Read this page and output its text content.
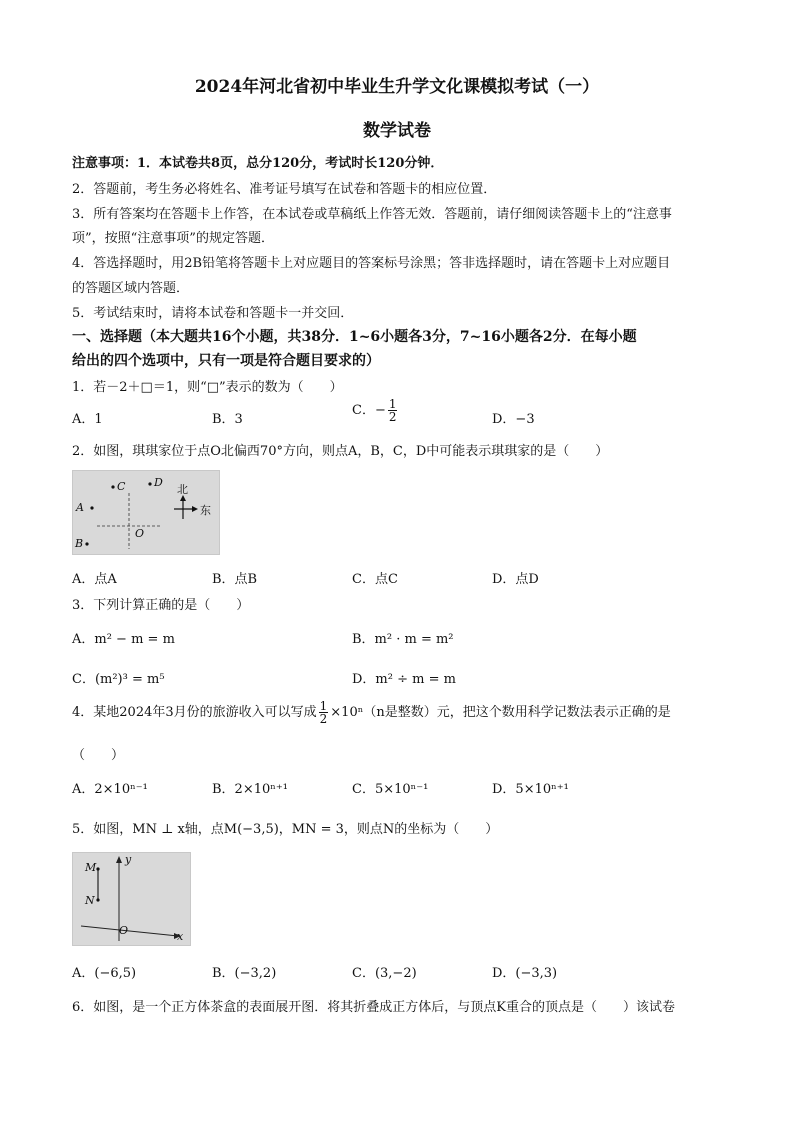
2024年河北省初中毕业生升学文化课模拟考试（一）
数学试卷
注意事项：1．本试卷共8页，总分120分，考试时长120分钟．
2．答题前，考生务必将姓名、准考证号填写在试卷和答题卡的相应位置．
3．所有答案均在答题卡上作答，在本试卷或草稿纸上作答无效．答题前，请仔细阅读答题卡上的“注意事
项”，按照“注意事项”的规定答题．
4．答选择题时，用2B铅笔将答题卡上对应题目的答案标号涂黑；答非选择题时，请在答题卡上对应题目
的答题区域内答题．
5．考试结束时，请将本试卷和答题卡一并交回．
一、选择题（本大题共16个小题，共38分．1~6小题各3分，7~16小题各2分．在每小题
给出的四个选项中，只有一项是符合题目要求的）
1．若－2＋□＝1，则“□”表示的数为（　　）
A．1	B．3
C．− $\frac{1}{2}$	D．−3
2．如图，琪琪家位于点O北偏西70°方向，则点A，B，C，D中可能表示琪琪家的是（　　）
C	D
A
B
O
北
东
A．点A	B．点B	C．点C	D．点D
3．下列计算正确的是（　　）
A．m² − m = m	B．m² · m = m²
C．(m²)³ = m⁵	D．m² ÷ m = m
4．某地2024年3月份的旅游收入可以写成 $\frac{1}{2} \times 10^n(n$是整数）元，把这个数用科学记数法表示正确的是
（　　）
A．2×10ⁿ⁻¹	B．2×10ⁿ⁺¹	C．5×10ⁿ⁻¹	D．5×10ⁿ⁺¹
5．如图，MN ⊥ x轴，点M(−3,5)，MN = 3，则点N的坐标为（　　）
M
N
y
O	x
A．(−6,5)	B．(−3,2)	C．(3,−2)	D．(−3,3)
6．如图，是一个正方体茶盒的表面展开图．将其折叠成正方体后，与顶点K重合的顶点是（　　）该试卷
